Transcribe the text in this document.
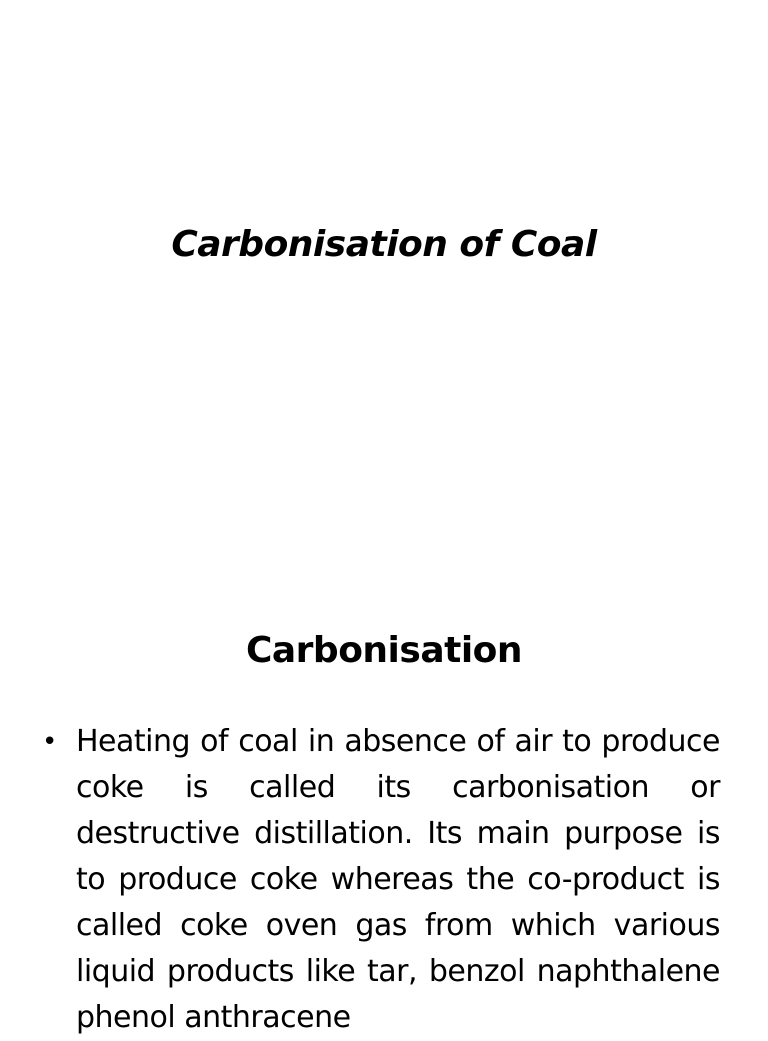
Carbonisation of Coal
Carbonisation
• Heating of coal in absence of air to produce coke is called its carbonisation or destructive distillation. Its main purpose is to produce coke whereas the co-product is called coke oven gas from which various liquid products like tar, benzol naphthalene phenol anthracene
